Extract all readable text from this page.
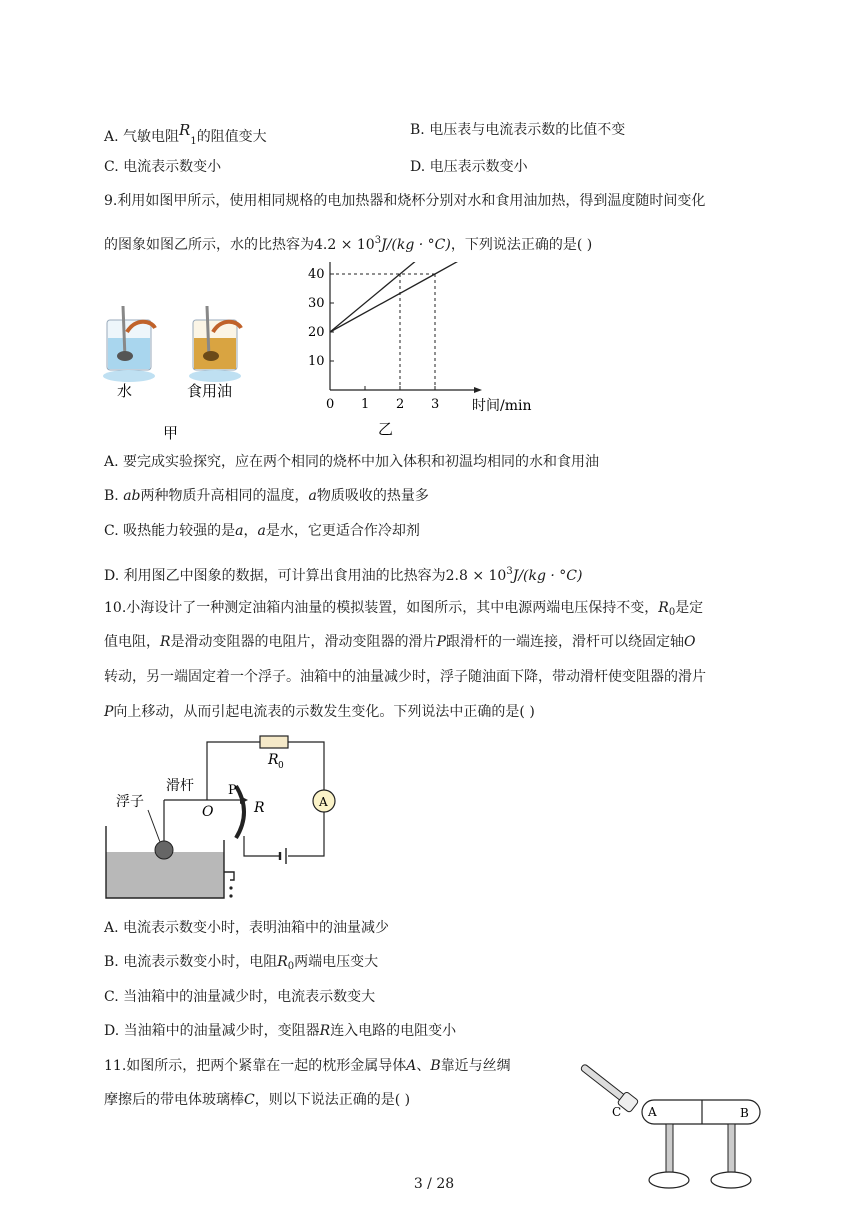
A. 气敏电阻$R_1$的阻值变大	B. 电压表与电流表示数的比值不变
C. 电流表示数变小	D. 电压表示数变小
9.利用如图甲所示，使用相同规格的电加热器和烧杯分别对水和食用油加热，得到温度随时间变化
的图象如图乙所示，水的比热容为$4.2 \times 10^3J/(kg \cdot ^\circ C)$，下列说法正确的是( )
水	食用油
甲
0 1 2 3
10
20
30
40
时间/min
乙
A. 要完成实验探究，应在两个相同的烧杯中加入体积和初温均相同的水和食用油
B. ab两种物质升高相同的温度，a物质吸收的热量多
C. 吸热能力较强的是a，a是水，它更适合作冷却剂
D. 利用图乙中图象的数据，可计算出食用油的比热容为$2.8 \times 10^3J/(kg \cdot ^\circ C)$
10.小海设计了一种测定油箱内油量的模拟装置，如图所示，其中电源两端电压保持不变，$R_0$是定
值电阻，R是滑动变阻器的电阻片，滑动变阻器的滑片P跟滑杆的一端连接，滑杆可以绕固定轴O
转动，另一端固定着一个浮子。油箱中的油量减少时，浮子随油面下降，带动滑杆使变阻器的滑片
P向上移动，从而引起电流表的示数发生变化。下列说法中正确的是( )
A
浮子
滑杆
O
P
R
R 0
A. 电流表示数变小时，表明油箱中的油量减少
B. 电流表示数变小时，电阻$R_0$两端电压变大
C. 当油箱中的油量减少时，电流表示数变大
D. 当油箱中的油量减少时，变阻器R连入电路的电阻变小
11.如图所示，把两个紧靠在一起的枕形金属导体A、B靠近与丝绸
摩擦后的带电体玻璃棒C，则以下说法正确的是( )
C A	B
3 / 28
